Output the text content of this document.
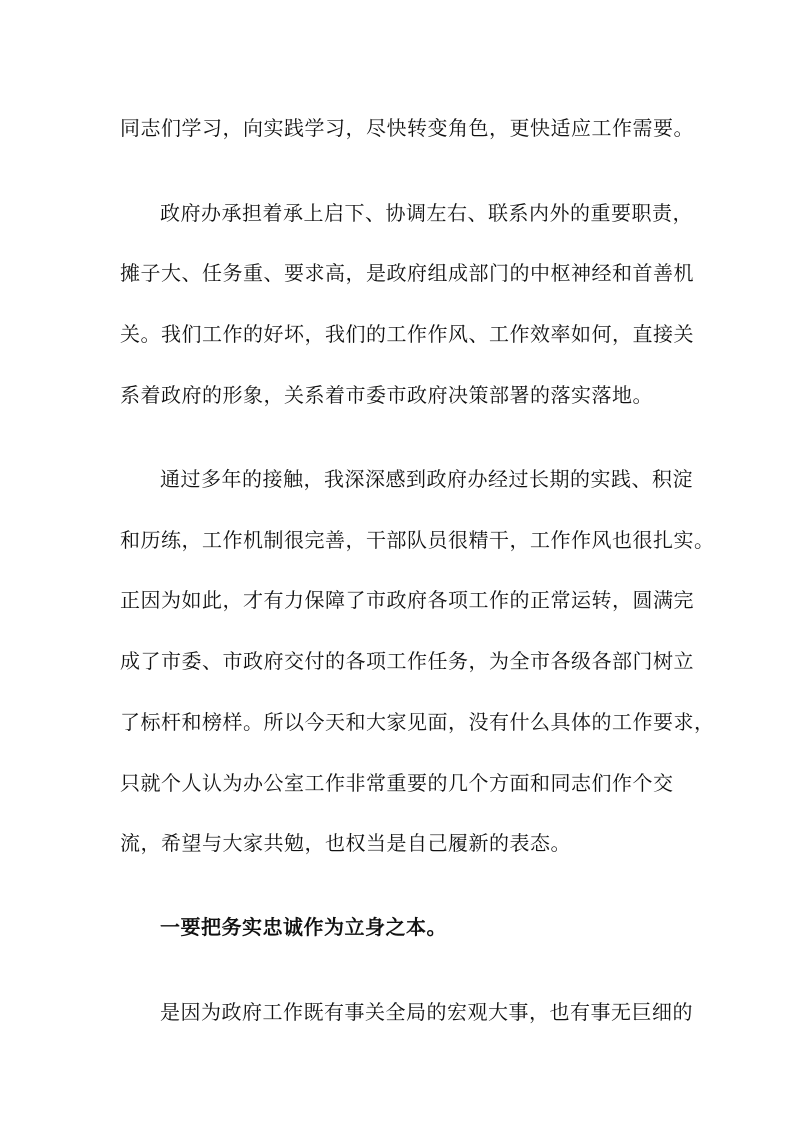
同志们学习，向实践学习，尽快转变角色，更快适应工作需要。
政府办承担着承上启下、协调左右、联系内外的重要职责，
摊子大、任务重、要求高，是政府组成部门的中枢神经和首善机
关。我们工作的好坏，我们的工作作风、工作效率如何，直接关
系着政府的形象，关系着市委市政府决策部署的落实落地。
通过多年的接触，我深深感到政府办经过长期的实践、积淀
和历练，工作机制很完善，干部队员很精干，工作作风也很扎实。
正因为如此，才有力保障了市政府各项工作的正常运转，圆满完
成了市委、市政府交付的各项工作任务，为全市各级各部门树立
了标杆和榜样。所以今天和大家见面，没有什么具体的工作要求，
只就个人认为办公室工作非常重要的几个方面和同志们作个交
流，希望与大家共勉，也权当是自己履新的表态。
一要把务实忠诚作为立身之本。
是因为政府工作既有事关全局的宏观大事，也有事无巨细的
